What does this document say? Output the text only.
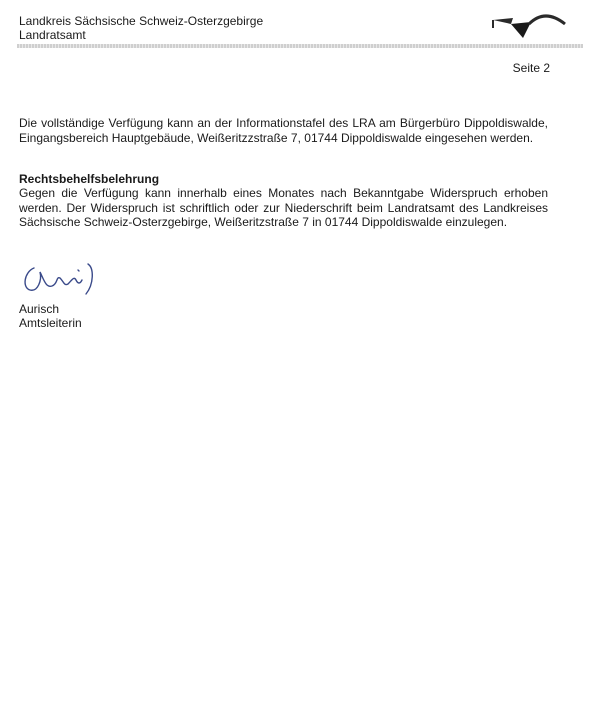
Landkreis Sächsische Schweiz-Osterzgebirge

Landratsamt

Seite 2

Die vollständige Verfügung kann an der Informationstafel des LRA am Bürgerbüro Dippoldiswalde, Eingangsbereich Hauptgebäude, Weißeritzzstraße 7, 01744 Dippoldiswalde eingesehen werden.

Rechtsbehelfsbelehrung

Gegen die Verfügung kann innerhalb eines Monates nach Bekanntgabe Widerspruch erhoben werden. Der Widerspruch ist schriftlich oder zur Niederschrift beim Landratsamt des Landkreises Sächsische Schweiz-Osterzgebirge, Weißeritzstraße 7 in 01744 Dippoldiswalde einzulegen.

Aurisch
Amtsleiterin
